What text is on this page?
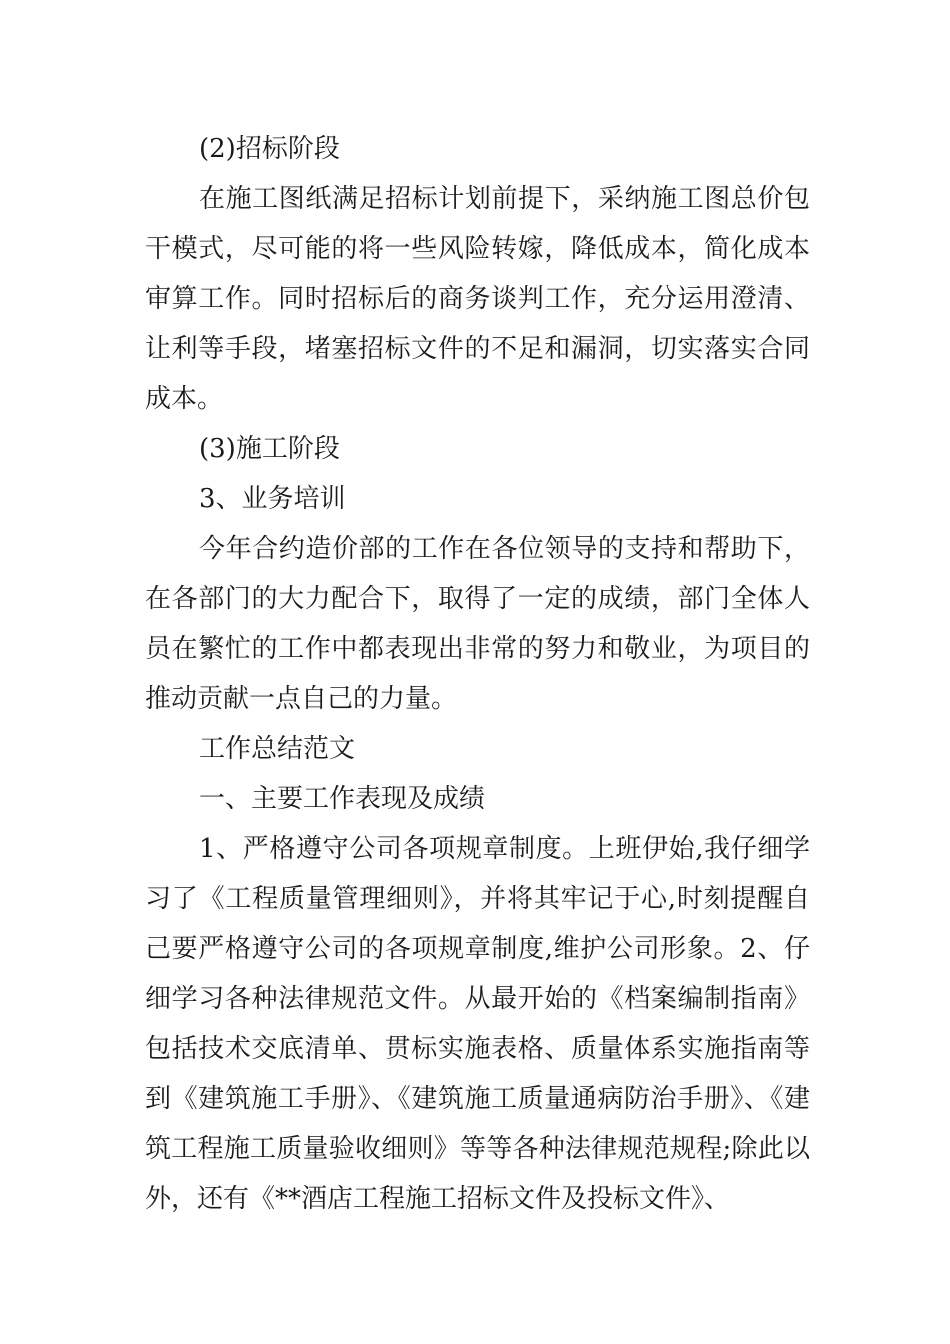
(2)招标阶段

在施工图纸满足招标计划前提下，采纳施工图总价包干模式，尽可能的将一些风险转嫁，降低成本，简化成本审算工作。同时招标后的商务谈判工作，充分运用澄清、让利等手段，堵塞招标文件的不足和漏洞，切实落实合同成本。

(3)施工阶段

3、业务培训

今年合约造价部的工作在各位领导的支持和帮助下，在各部门的大力配合下，取得了一定的成绩，部门全体人员在繁忙的工作中都表现出非常的努力和敬业，为项目的推动贡献一点自己的力量。

工作总结范文

一、主要工作表现及成绩

1、严格遵守公司各项规章制度。上班伊始,我仔细学习了《工程质量管理细则》，并将其牢记于心,时刻提醒自己要严格遵守公司的各项规章制度,维护公司形象。2、仔细学习各种法律规范文件。从最开始的《档案编制指南》包括技术交底清单、贯标实施表格、质量体系实施指南等到《建筑施工手册》、《建筑施工质量通病防治手册》、《建筑工程施工质量验收细则》等等各种法律规范规程;除此以外，还有《**酒店工程施工招标文件及投标文件》、
